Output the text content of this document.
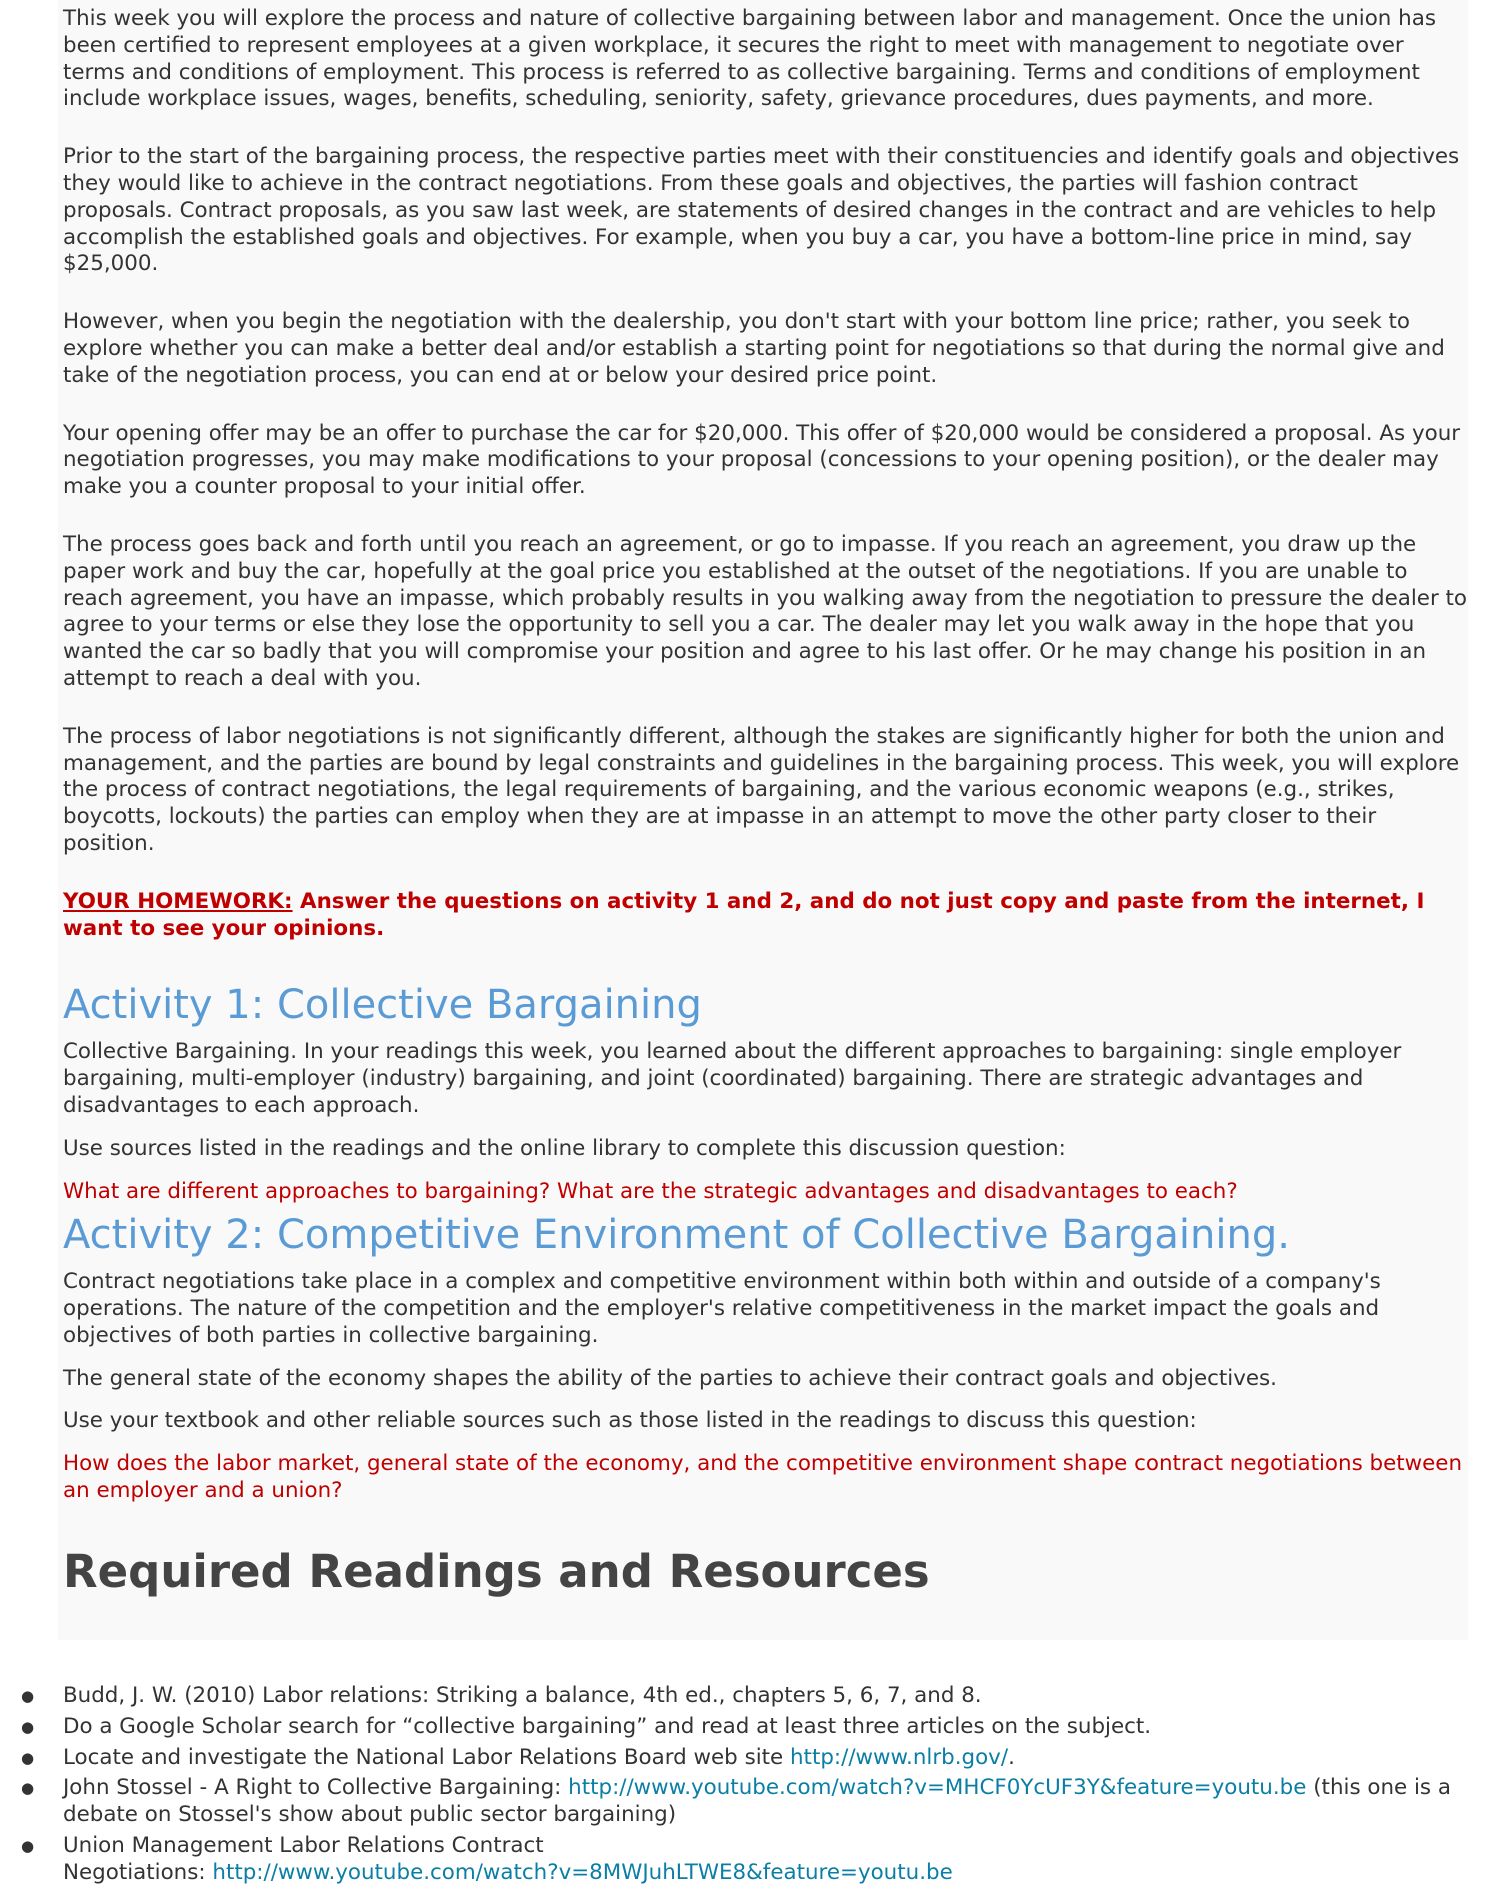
This week you will explore the process and nature of collective bargaining between labor and management. Once the union has been certified to represent employees at a given workplace, it secures the right to meet with management to negotiate over terms and conditions of employment. This process is referred to as collective bargaining. Terms and conditions of employment include workplace issues, wages, benefits, scheduling, seniority, safety, grievance procedures, dues payments, and more.

Prior to the start of the bargaining process, the respective parties meet with their constituencies and identify goals and objectives they would like to achieve in the contract negotiations. From these goals and objectives, the parties will fashion contract proposals. Contract proposals, as you saw last week, are statements of desired changes in the contract and are vehicles to help accomplish the established goals and objectives. For example, when you buy a car, you have a bottom-line price in mind, say $25,000.

However, when you begin the negotiation with the dealership, you don't start with your bottom line price; rather, you seek to explore whether you can make a better deal and/or establish a starting point for negotiations so that during the normal give and take of the negotiation process, you can end at or below your desired price point.

Your opening offer may be an offer to purchase the car for $20,000. This offer of $20,000 would be considered a proposal. As your negotiation progresses, you may make modifications to your proposal (concessions to your opening position), or the dealer may make you a counter proposal to your initial offer.

The process goes back and forth until you reach an agreement, or go to impasse. If you reach an agreement, you draw up the paper work and buy the car, hopefully at the goal price you established at the outset of the negotiations. If you are unable to reach agreement, you have an impasse, which probably results in you walking away from the negotiation to pressure the dealer to agree to your terms or else they lose the opportunity to sell you a car. The dealer may let you walk away in the hope that you wanted the car so badly that you will compromise your position and agree to his last offer. Or he may change his position in an attempt to reach a deal with you.

The process of labor negotiations is not significantly different, although the stakes are significantly higher for both the union and management, and the parties are bound by legal constraints and guidelines in the bargaining process. This week, you will explore the process of contract negotiations, the legal requirements of bargaining, and the various economic weapons (e.g., strikes, boycotts, lockouts) the parties can employ when they are at impasse in an attempt to move the other party closer to their position.

YOUR HOMEWORK: Answer the questions on activity 1 and 2, and do not just copy and paste from the internet, I want to see your opinions.

Activity 1: Collective Bargaining

Collective Bargaining. In your readings this week, you learned about the different approaches to bargaining: single employer bargaining, multi-employer (industry) bargaining, and joint (coordinated) bargaining. There are strategic advantages and disadvantages to each approach.

Use sources listed in the readings and the online library to complete this discussion question:

What are different approaches to bargaining? What are the strategic advantages and disadvantages to each?

Activity 2: Competitive Environment of Collective Bargaining.

Contract negotiations take place in a complex and competitive environment within both within and outside of a company's operations. The nature of the competition and the employer's relative competitiveness in the market impact the goals and objectives of both parties in collective bargaining.

The general state of the economy shapes the ability of the parties to achieve their contract goals and objectives.

Use your textbook and other reliable sources such as those listed in the readings to discuss this question:

How does the labor market, general state of the economy, and the competitive environment shape contract negotiations between an employer and a union?

Required Readings and Resources
● Budd, J. W. (2010) Labor relations: Striking a balance, 4th ed., chapters 5, 6, 7, and 8.
● Do a Google Scholar search for “collective bargaining” and read at least three articles on the subject.
● Locate and investigate the National Labor Relations Board web site http://www.nlrb.gov/.
● John Stossel - A Right to Collective Bargaining: http://www.youtube.com/watch?v=MHCF0YcUF3Y&feature=youtu.be (this one is a debate on Stossel's show about public sector bargaining)
● Union Management Labor Relations Contract
Negotiations: http://www.youtube.com/watch?v=8MWJuhLTWE8&feature=youtu.be
